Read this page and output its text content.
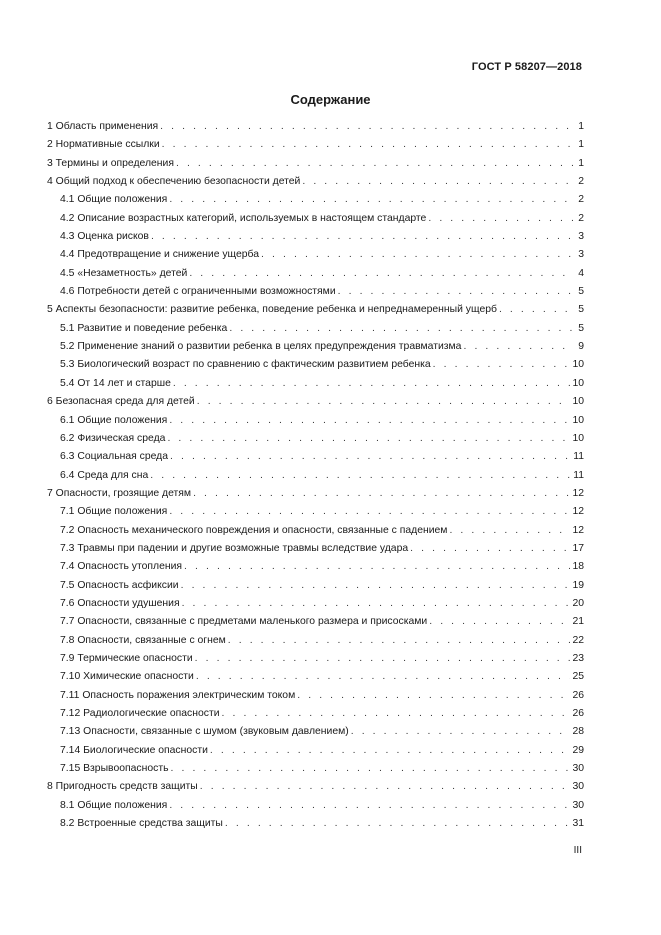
ГОСТ Р 58207—2018
Содержание
1 Область применения . . .	1
2 Нормативные ссылки . . .	1
3 Термины и определения . . .	1
4 Общий подход к обеспечению безопасности детей . . .	2
4.1 Общие положения . . .	2
4.2 Описание возрастных категорий, используемых в настоящем стандарте . . .	2
4.3 Оценка рисков . . .	3
4.4 Предотвращение и снижение ущерба . . .	3
4.5 «Незаметность» детей . . .	4
4.6 Потребности детей с ограниченными возможностями . . .	5
5 Аспекты безопасности: развитие ребенка, поведение ребенка и непреднамеренный ущерб . . .	5
5.1 Развитие и поведение ребенка . . .	5
5.2 Применение знаний о развитии ребенка в целях предупреждения травматизма . . .	9
5.3 Биологический возраст по сравнению с фактическим развитием ребенка . . .	10
5.4 От 14 лет и старше . . .	10
6 Безопасная среда для детей . . .	10
6.1 Общие положения . . .	10
6.2 Физическая среда . . .	10
6.3 Социальная среда . . .	11
6.4 Среда для сна . . .	11
7 Опасности, грозящие детям . . .	12
7.1 Общие положения . . .	12
7.2 Опасность механического повреждения и опасности, связанные с падением . . .	12
7.3 Травмы при падении и другие возможные травмы вследствие удара . . .	17
7.4 Опасность утопления . . .	18
7.5 Опасность асфиксии . . .	19
7.6 Опасности удушения . . .	20
7.7 Опасности, связанные с предметами маленького размера и присосками . . .	21
7.8 Опасности, связанные с огнем . . .	22
7.9 Термические опасности . . .	23
7.10 Химические опасности . . .	25
7.11 Опасность поражения электрическим током . . .	26
7.12 Радиологические опасности . . .	26
7.13 Опасности, связанные с шумом (звуковым давлением) . . .	28
7.14 Биологические опасности . . .	29
7.15 Взрывоопасность . . .	30
8 Пригодность средств защиты . . .	30
8.1 Общие положения . . .	30
8.2 Встроенные средства защиты . . .	31
III
